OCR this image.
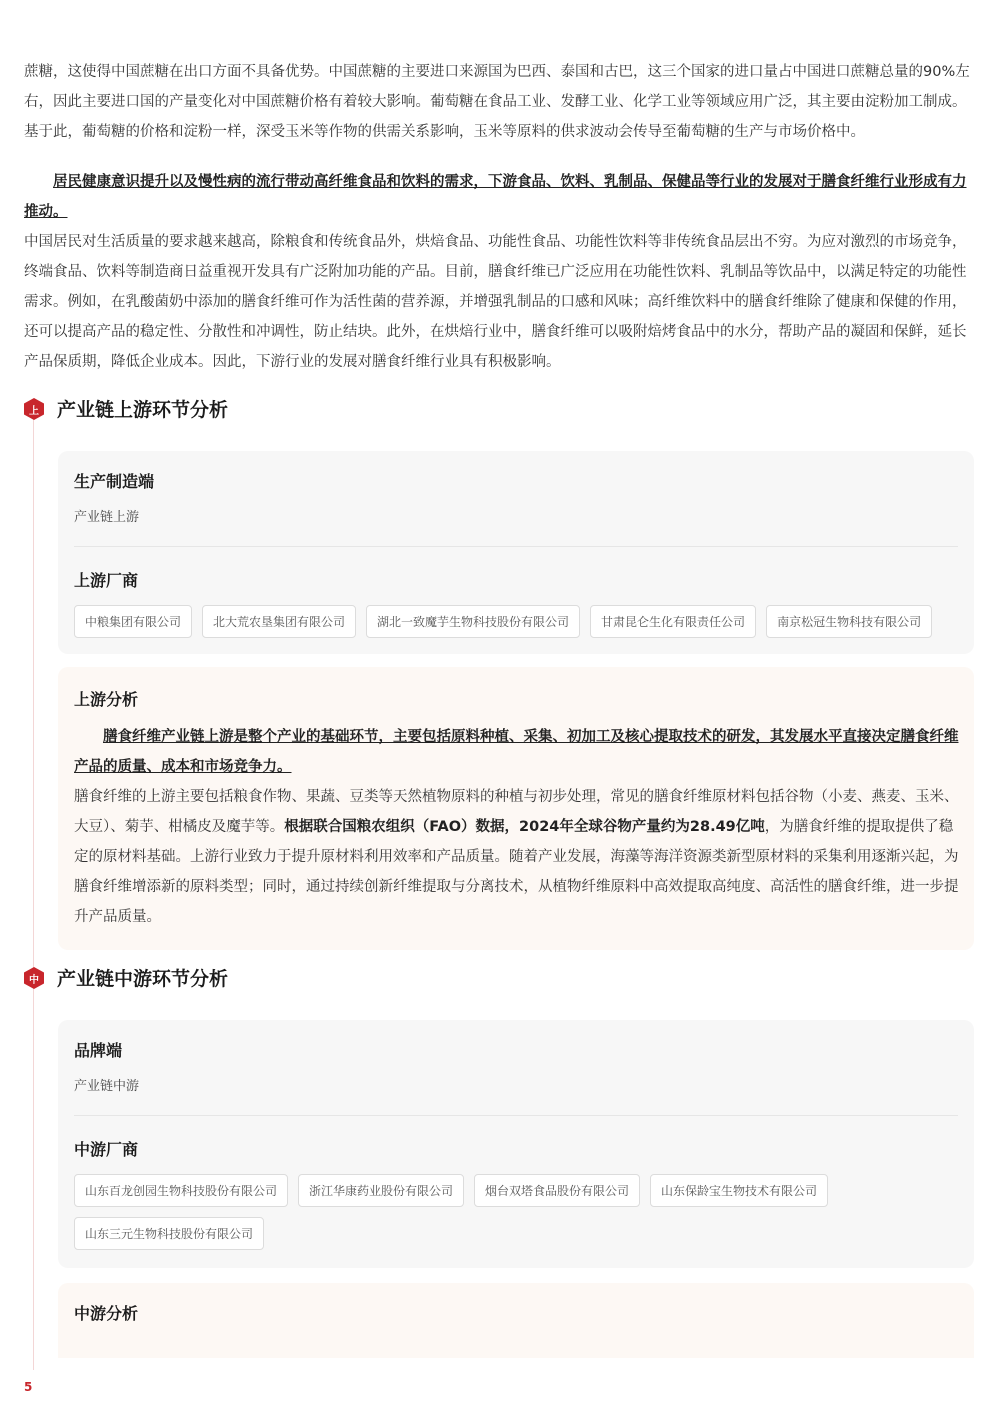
蔗糖，这使得中国蔗糖在出口方面不具备优势。中国蔗糖的主要进口来源国为巴西、泰国和古巴，这三个国家的进口量占中国进口蔗糖总量的90%左右，因此主要进口国的产量变化对中国蔗糖价格有着较大影响。葡萄糖在食品工业、发酵工业、化学工业等领域应用广泛，其主要由淀粉加工制成。基于此，葡萄糖的价格和淀粉一样，深受玉米等作物的供需关系影响，玉米等原料的供求波动会传导至葡萄糖的生产与市场价格中。

居民健康意识提升以及慢性病的流行带动高纤维食品和饮料的需求，下游食品、饮料、乳制品、保健品等行业的发展对于膳食纤维行业形成有力推动。

中国居民对生活质量的要求越来越高，除粮食和传统食品外，烘焙食品、功能性食品、功能性饮料等非传统食品层出不穷。为应对激烈的市场竞争，终端食品、饮料等制造商日益重视开发具有广泛附加功能的产品。目前，膳食纤维已广泛应用在功能性饮料、乳制品等饮品中，以满足特定的功能性需求。例如，在乳酸菌奶中添加的膳食纤维可作为活性菌的营养源，并增强乳制品的口感和风味；高纤维饮料中的膳食纤维除了健康和保健的作用，还可以提高产品的稳定性、分散性和冲调性，防止结块。此外，在烘焙行业中，膳食纤维可以吸附焙烤食品中的水分，帮助产品的凝固和保鲜，延长产品保质期，降低企业成本。因此，下游行业的发展对膳食纤维行业具有积极影响。

上 产业链上游环节分析
生产制造端
产业链上游
上游厂商
中粮集团有限公司	北大荒农垦集团有限公司	湖北一致魔芋生物科技股份有限公司	甘肃昆仑生化有限责任公司	南京松冠生物科技有限公司
上游分析

膳食纤维产业链上游是整个产业的基础环节，主要包括原料种植、采集、初加工及核心提取技术的研发，其发展水平直接决定膳食纤维产品的质量、成本和市场竞争力。

膳食纤维的上游主要包括粮食作物、果蔬、豆类等天然植物原料的种植与初步处理，常见的膳食纤维原材料包括谷物（小麦、燕麦、玉米、大豆）、菊芋、柑橘皮及魔芋等。根据联合国粮农组织（FAO）数据，2024年全球谷物产量约为28.49亿吨，为膳食纤维的提取提供了稳定的原材料基础。上游行业致力于提升原材料利用效率和产品质量。随着产业发展，海藻等海洋资源类新型原材料的采集利用逐渐兴起，为膳食纤维增添新的原料类型；同时，通过持续创新纤维提取与分离技术，从植物纤维原料中高效提取高纯度、高活性的膳食纤维，进一步提升产品质量。

中 产业链中游环节分析
品牌端
产业链中游
中游厂商
山东百龙创园生物科技股份有限公司	浙江华康药业股份有限公司	烟台双塔食品股份有限公司	山东保龄宝生物技术有限公司
山东三元生物科技股份有限公司
中游分析
5
